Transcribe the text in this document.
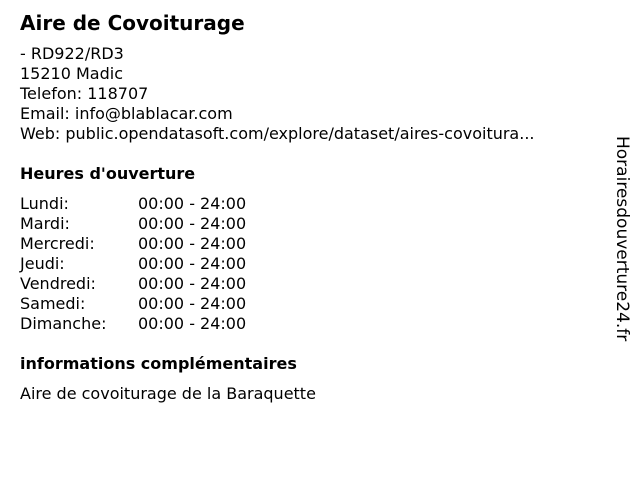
Aire de Covoiturage
- RD922/RD3
15210 Madic
Telefon: 118707
Email: info@blablacar.com
Web: public.opendatasoft.com/explore/dataset/aires-covoitura...
Heures d'ouverture
Lundi:	00:00 - 24:00
Mardi:	00:00 - 24:00
Mercredi:	00:00 - 24:00
Jeudi:	00:00 - 24:00
Vendredi:	00:00 - 24:00
Samedi:	00:00 - 24:00
Dimanche: 00:00 - 24:00
informations complémentaires
Aire de covoiturage de la Baraquette
Horairesdouverture24.fr
